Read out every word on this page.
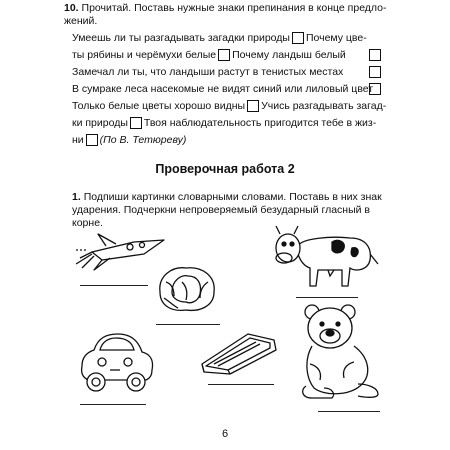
10. Прочитай. Поставь нужные знаки препинания в конце предло-
жений.
Умеешь ли ты разгадывать загадки природы Почему цве-
ты рябины и черёмухи белые Почему ландыш белый
Замечал ли ты, что ландыши растут в тенистых местах
В сумраке леса насекомые не видят синий или лиловый цвет
Только белые цветы хорошо видны Учись разгадывать загад-
ки природы Твоя наблюдательность пригодится тебе в жиз-
ни (По В. Тетюреву)
Проверочная работа 2
1. Подпиши картинки словарными словами. Поставь в них знак ударения. Подчеркни непроверяемый безударный гласный в корне.
6
